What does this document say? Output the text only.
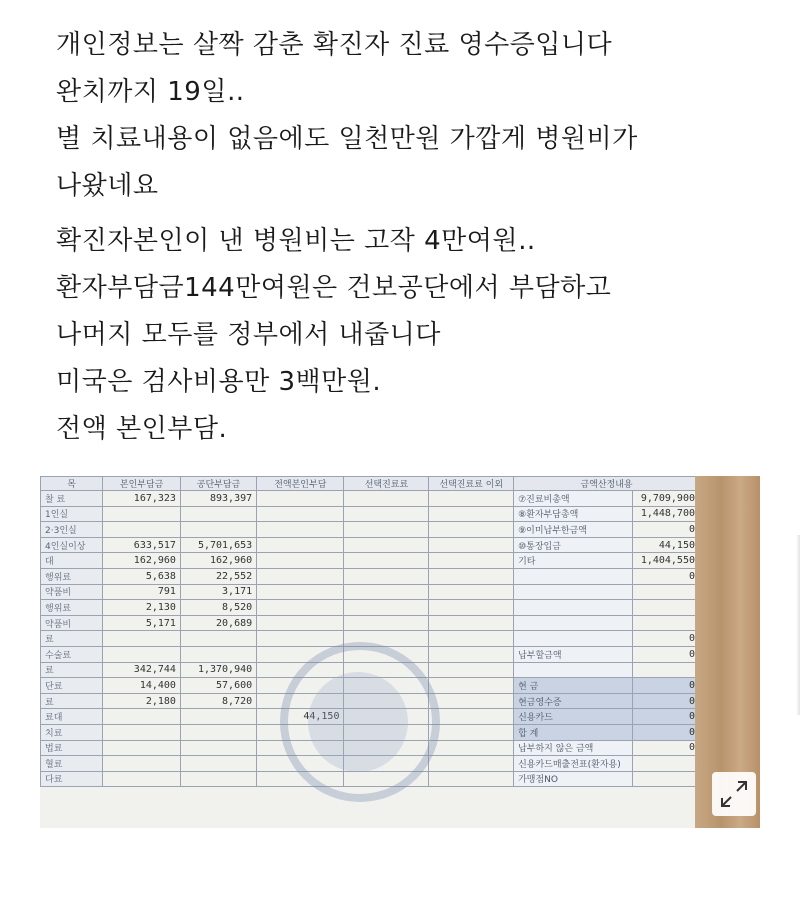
개인정보는 살짝 감춘 확진자 진료 영수증입니다

완치까지 19일‥

별 치료내용이 없음에도 일천만원 가깝게 병원비가

나왔네요

확진자본인이 낸 병원비는 고작 4만여원‥

환자부담금144만여원은 건보공단에서 부담하고

나머지 모두를 정부에서 내줍니다

미국은 검사비용만 3백만원.

전액 본인부담.

목	본인부담금	공단부담금	전액본인부담	선택진료료	선택진료료 이외	금액산정내용	
찰 료	167,323	893,397				⑦진료비총액	9,709,900
1인실						⑧환자부담총액	1,448,700
2·3인실						⑨이미납부한금액	0
4인실이상	633,517	5,701,653				⑩통장입금	44,150
대	162,960	162,960				기타	1,404,550
행위료	5,638	22,552					0
약품비	791	3,171					
행위료	2,130	8,520					
약품비	5,171	20,689					
료							0
수술료						납부할금액	0
료	342,744	1,370,940					
단료	14,400	57,600				현 금	0
료	2,180	8,720				현금영수증	0
료대			44,150			신용카드	0
치료						합 계	0
법료						납부하지 않은 금액	0
혈료						신용카드매출전표(환자용)	
다료						가맹점NO	
